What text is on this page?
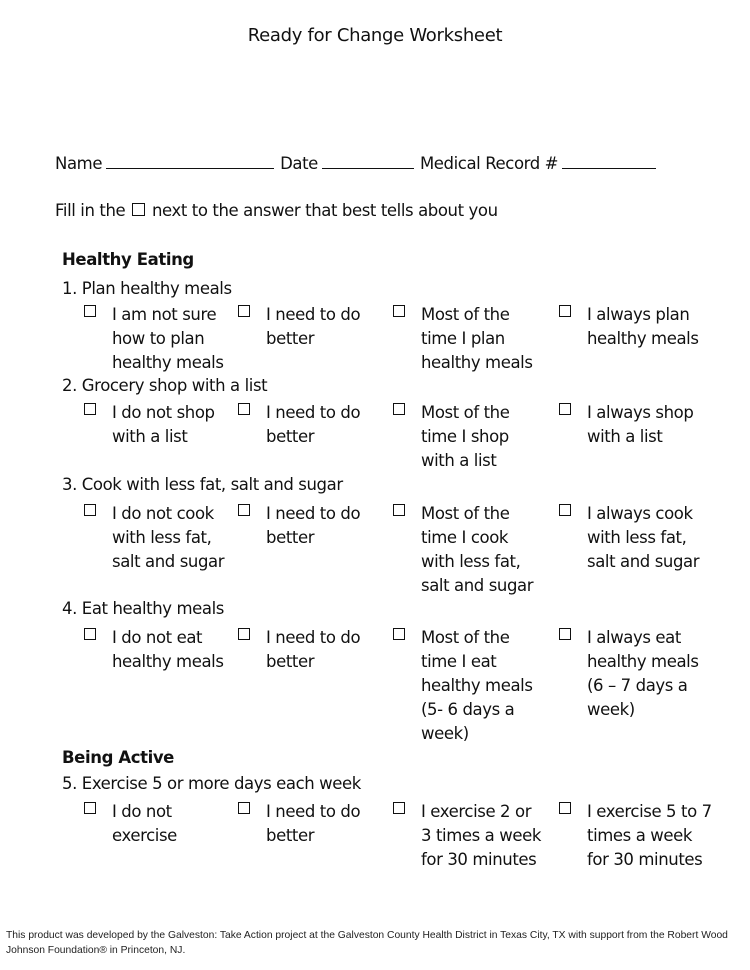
Ready for Change Worksheet
Name	Date	Medical Record #
Fill in the next to the answer that best tells about you
Healthy Eating
1. Plan healthy meals
I am not sure how to plan healthy meals
I need to do better
Most of the time I plan healthy meals
I always plan healthy meals
2. Grocery shop with a list
I do not shop with a list
I need to do better
Most of the time I shop with a list
I always shop with a list
3. Cook with less fat, salt and sugar
I do not cook with less fat, salt and sugar
I need to do better
Most of the time I cook with less fat, salt and sugar
I always cook with less fat, salt and sugar
4. Eat healthy meals
I do not eat healthy meals
I need to do better
Most of the time I eat healthy meals (5- 6 days a week)
I always eat healthy meals (6 – 7 days a week)
Being Active
5. Exercise 5 or more days each week
I do not exercise
I need to do better
I exercise 2 or 3 times a week for 30 minutes
I exercise 5 to 7 times a week for 30 minutes
This product was developed by the Galveston: Take Action project at the Galveston County Health District in Texas City, TX with support from the Robert Wood Johnson Foundation® in Princeton, NJ.
